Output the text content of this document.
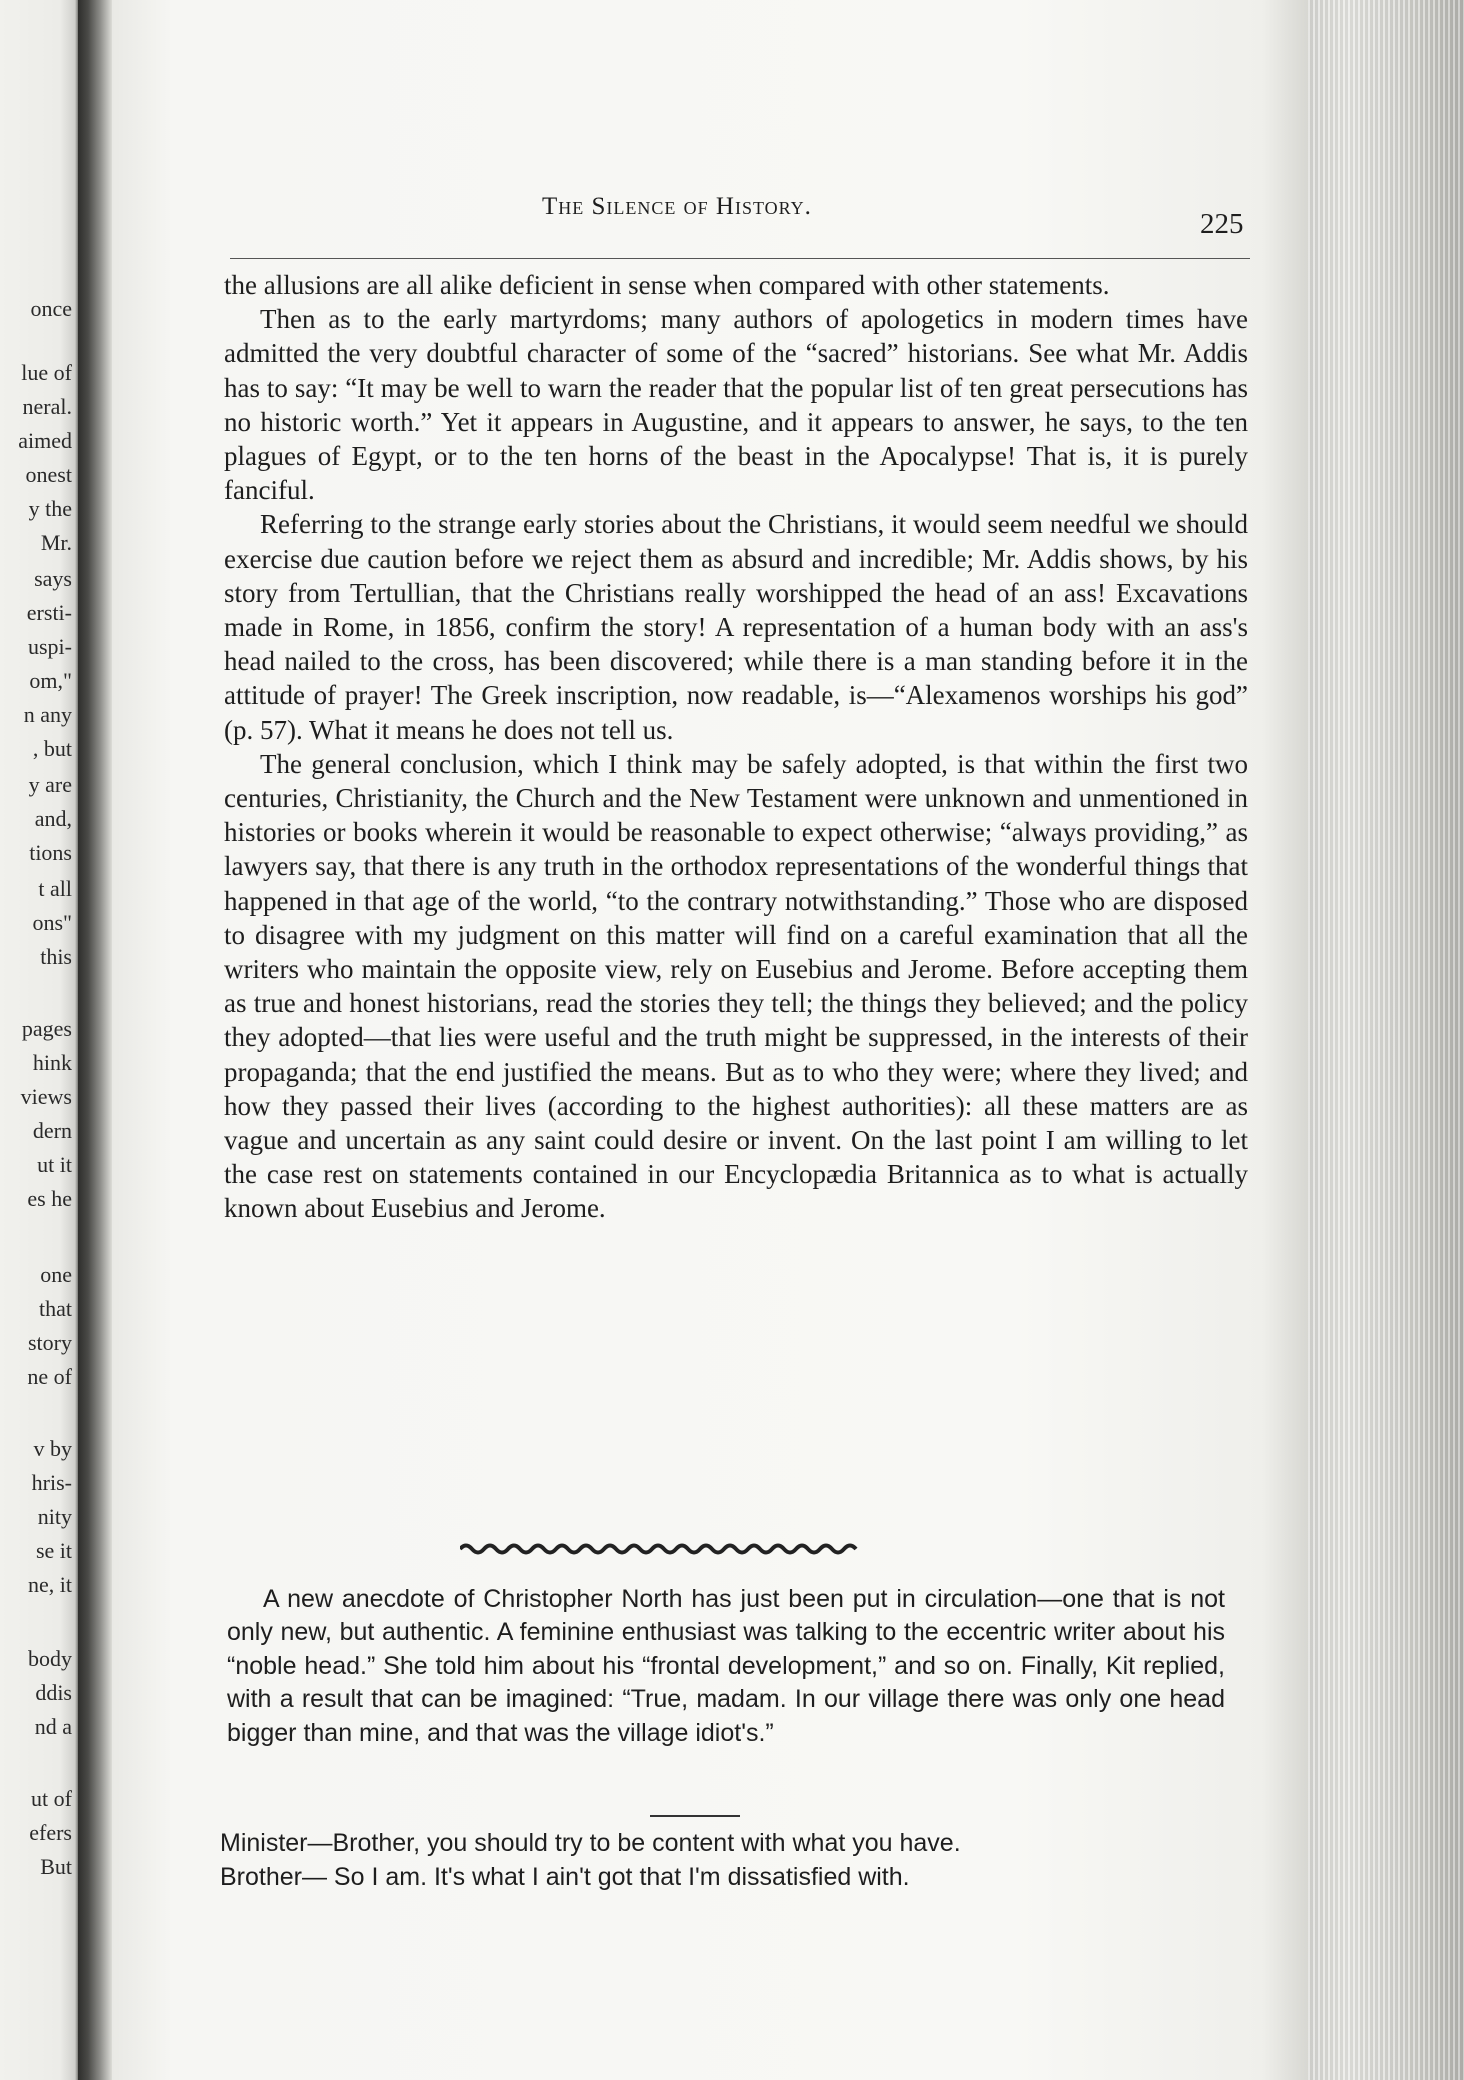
once
lue of
neral.
aimed
onest
y the
Mr.
says
ersti-
uspi-
om,"
n any
, but
y are
and,
tions
t all
ons"
this
pages
hink
views
dern
ut it
es he
one
that
story
ne of
v by
hris-
nity
se it
ne, it
body
ddis
nd a
ut of
efers
But
The Silence of History.
225

the allusions are all alike deficient in sense when compared with other statements.

Then as to the early martyrdoms; many authors of apologetics in modern times have admitted the very doubtful character of some of the “sacred” historians. See what Mr. Addis has to say: “It may be well to warn the reader that the popular list of ten great persecutions has no historic worth.” Yet it appears in Augustine, and it appears to answer, he says, to the ten plagues of Egypt, or to the ten horns of the beast in the Apocalypse! That is, it is purely fanciful.

Referring to the strange early stories about the Christians, it would seem needful we should exercise due caution before we reject them as absurd and incredible; Mr. Addis shows, by his story from Tertullian, that the Christians really worshipped the head of an ass! Excavations made in Rome, in 1856, confirm the story! A representation of a human body with an ass's head nailed to the cross, has been discovered; while there is a man standing before it in the attitude of prayer! The Greek inscription, now readable, is—“Alexamenos worships his god” (p. 57). What it means he does not tell us.

The general conclusion, which I think may be safely adopted, is that within the first two centuries, Christianity, the Church and the New Testament were unknown and unmentioned in histories or books wherein it would be reasonable to expect otherwise; “always providing,” as lawyers say, that there is any truth in the orthodox representations of the wonderful things that happened in that age of the world, “to the contrary notwithstanding.” Those who are disposed to disagree with my judgment on this matter will find on a careful examination that all the writers who maintain the opposite view, rely on Eusebius and Jerome. Before accepting them as true and honest historians, read the stories they tell; the things they believed; and the policy they adopted—that lies were useful and the truth might be suppressed, in the interests of their propaganda; that the end justified the means. But as to who they were; where they lived; and how they passed their lives (according to the highest authorities): all these matters are as vague and uncertain as any saint could desire or invent. On the last point I am willing to let the case rest on statements contained in our Encyclopædia Britannica as to what is actually known about Eusebius and Jerome.

A new anecdote of Christopher North has just been put in circulation—one that is not only new, but authentic. A feminine enthusiast was talking to the eccentric writer about his “noble head.” She told him about his “frontal development,” and so on. Finally, Kit replied, with a result that can be imagined: “True, madam. In our village there was only one head bigger than mine, and that was the village idiot's.”

Minister—Brother, you should try to be content with what you have.
Brother— So I am. It's what I ain't got that I'm dissatisfied with.
